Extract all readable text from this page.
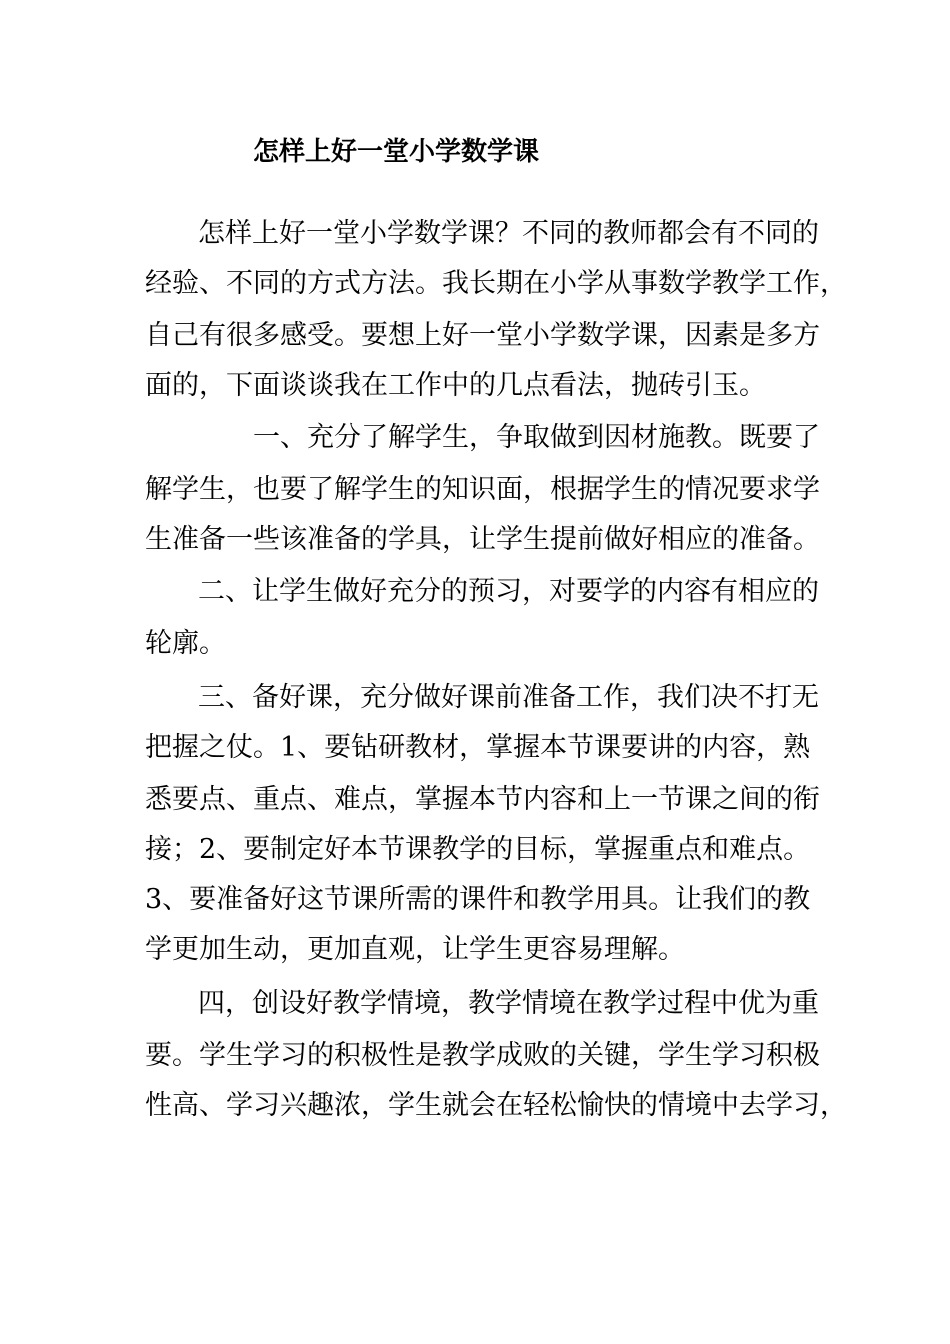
怎样上好一堂小学数学课
怎样上好一堂小学数学课？不同的教师都会有不同的
经验、不同的方式方法。我长期在小学从事数学教学工作，
自己有很多感受。要想上好一堂小学数学课，因素是多方
面的，下面谈谈我在工作中的几点看法，抛砖引玉。
一、充分了解学生，争取做到因材施教。既要了
解学生，也要了解学生的知识面，根据学生的情况要求学
生准备一些该准备的学具，让学生提前做好相应的准备。
二、让学生做好充分的预习，对要学的内容有相应的
轮廓。
三、备好课，充分做好课前准备工作，我们决不打无
把握之仗。1、要钻研教材，掌握本节课要讲的内容，熟
悉要点、重点、难点，掌握本节内容和上一节课之间的衔
接；2、要制定好本节课教学的目标，掌握重点和难点。
3、要准备好这节课所需的课件和教学用具。让我们的教
学更加生动，更加直观，让学生更容易理解。
四，创设好教学情境，教学情境在教学过程中优为重
要。学生学习的积极性是教学成败的关键，学生学习积极
性高、学习兴趣浓，学生就会在轻松愉快的情境中去学习，
